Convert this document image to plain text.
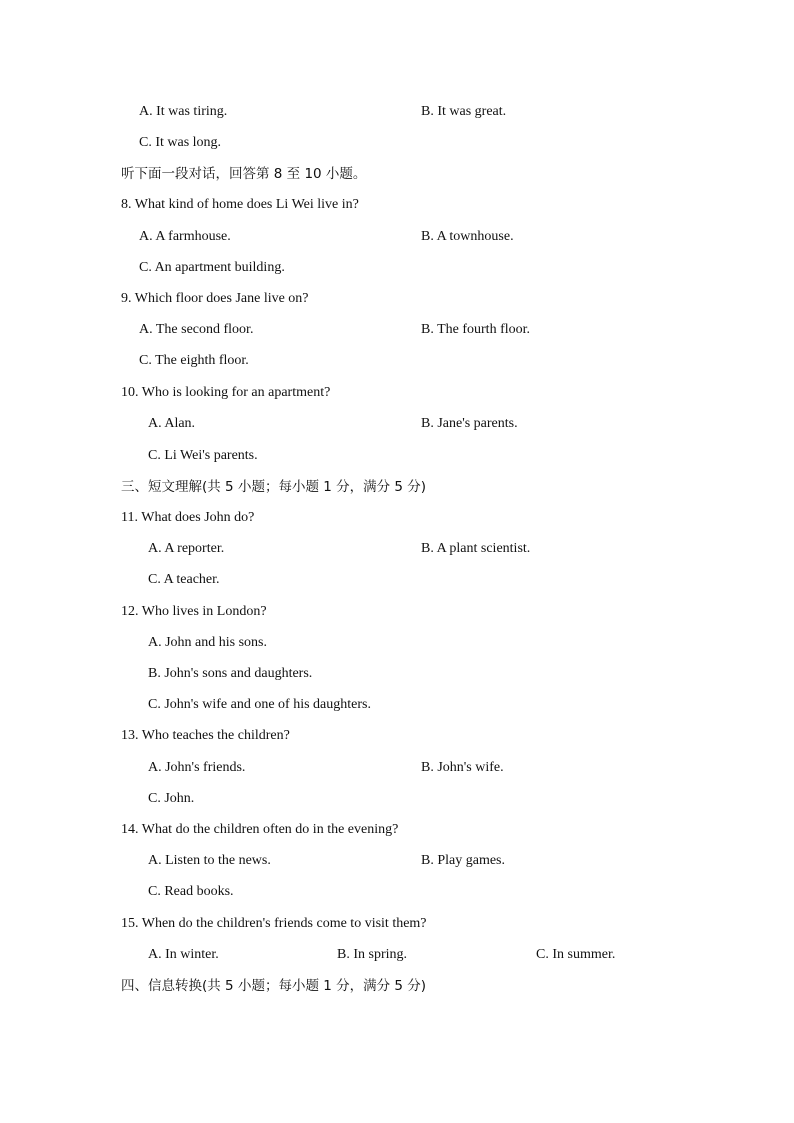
A. It was tiring.	B. It was great.
C. It was long.
听下面一段对话，回答第 8 至 10 小题。
8. What kind of home does Li Wei live in?
A. A farmhouse.	B. A townhouse.
C. An apartment building.
9. Which floor does Jane live on?
A. The second floor.	B. The fourth floor.
C. The eighth floor.
10. Who is looking for an apartment?
A. Alan.	B. Jane's parents.
C. Li Wei's parents.
三、短文理解(共 5 小题；每小题 1 分，满分 5 分)
11. What does John do?
A. A reporter.	B. A plant scientist.
C. A teacher.
12. Who lives in London?
A. John and his sons.
B. John's sons and daughters.
C. John's wife and one of his daughters.
13. Who teaches the children?
A. John's friends.	B. John's wife.
C. John.
14. What do the children often do in the evening?
A. Listen to the news.	B. Play games.
C. Read books.
15. When do the children's friends come to visit them?
A. In winter.	B. In spring.	C. In summer.
四、信息转换(共 5 小题；每小题 1 分，满分 5 分)
